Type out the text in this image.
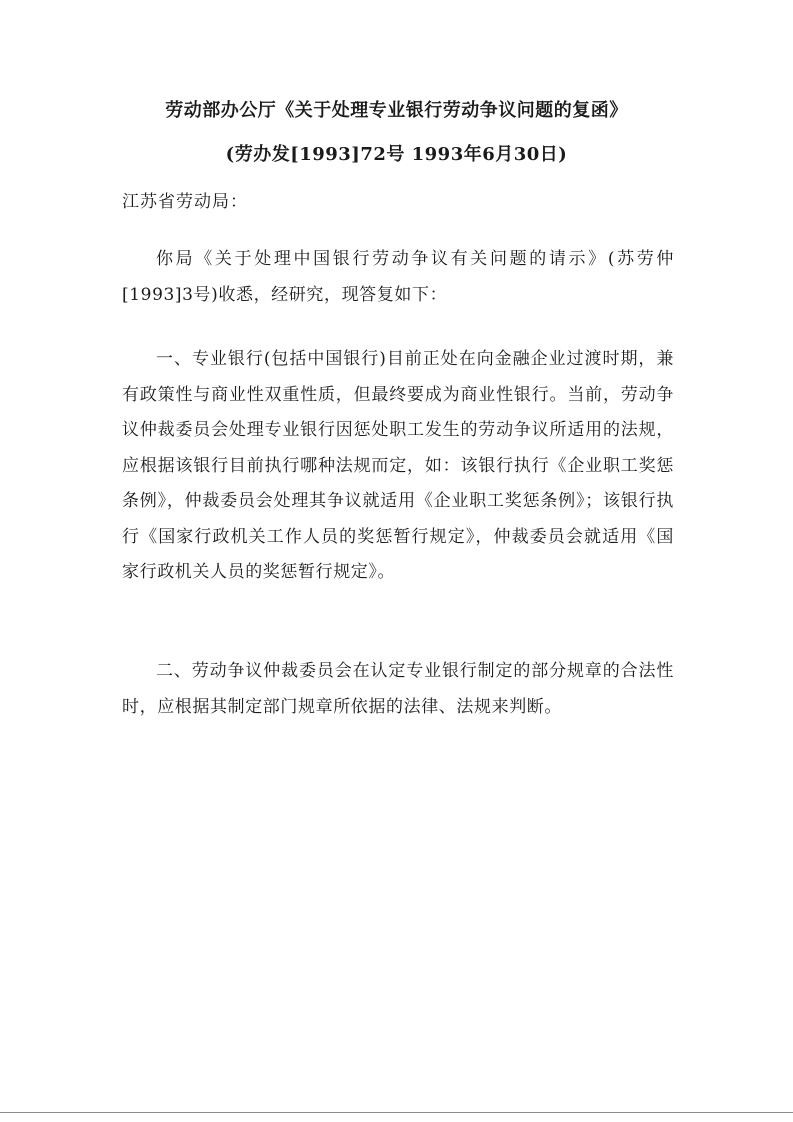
劳动部办公厅《关于处理专业银行劳动争议问题的复函》
(劳办发[1993]72号 1993年6月30日)
江苏省劳动局：

你局《关于处理中国银行劳动争议有关问题的请示》(苏劳仲[1993]3号)收悉，经研究，现答复如下：

一、专业银行(包括中国银行)目前正处在向金融企业过渡时期，兼有政策性与商业性双重性质，但最终要成为商业性银行。当前，劳动争议仲裁委员会处理专业银行因惩处职工发生的劳动争议所适用的法规，应根据该银行目前执行哪种法规而定，如：该银行执行《企业职工奖惩条例》，仲裁委员会处理其争议就适用《企业职工奖惩条例》；该银行执行《国家行政机关工作人员的奖惩暂行规定》，仲裁委员会就适用《国家行政机关人员的奖惩暂行规定》。

二、劳动争议仲裁委员会在认定专业银行制定的部分规章的合法性时，应根据其制定部门规章所依据的法律、法规来判断。
